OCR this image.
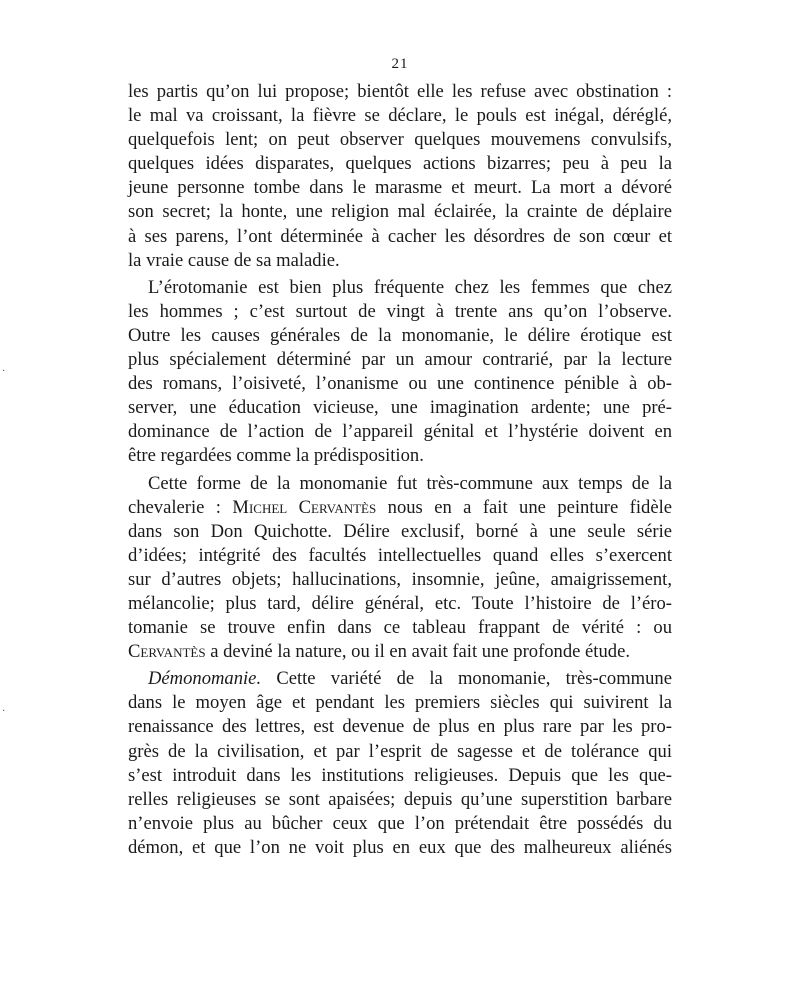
21
les partis qu’on lui propose; bientôt elle les refuse avec obstination :
le mal va croissant, la fièvre se déclare, le pouls est inégal, déréglé,
quelquefois lent; on peut observer quelques mouvemens convulsifs,
quelques idées disparates, quelques actions bizarres; peu à peu la
jeune personne tombe dans le marasme et meurt. La mort a dévoré
son secret; la honte, une religion mal éclairée, la crainte de déplaire
à ses parens, l’ont déterminée à cacher les désordres de son cœur et
la vraie cause de sa maladie.
L’érotomanie est bien plus fréquente chez les femmes que chez
les hommes ; c’est surtout de vingt à trente ans qu’on l’observe.
Outre les causes générales de la monomanie, le délire érotique est
plus spécialement déterminé par un amour contrarié, par la lecture
des romans, l’oisiveté, l’onanisme ou une continence pénible à ob-
server, une éducation vicieuse, une imagination ardente; une pré-
dominance de l’action de l’appareil génital et l’hystérie doivent en
être regardées comme la prédisposition.
Cette forme de la monomanie fut très-commune aux temps de la
chevalerie : Michel Cervantès nous en a fait une peinture fidèle
dans son Don Quichotte. Délire exclusif, borné à une seule série
d’idées; intégrité des facultés intellectuelles quand elles s’exercent
sur d’autres objets; hallucinations, insomnie, jeûne, amaigrissement,
mélancolie; plus tard, délire général, etc. Toute l’histoire de l’éro-
tomanie se trouve enfin dans ce tableau frappant de vérité : ou
Cervantès a deviné la nature, ou il en avait fait une profonde étude.
Démonomanie. Cette variété de la monomanie, très-commune
dans le moyen âge et pendant les premiers siècles qui suivirent la
renaissance des lettres, est devenue de plus en plus rare par les pro-
grès de la civilisation, et par l’esprit de sagesse et de tolérance qui
s’est introduit dans les institutions religieuses. Depuis que les que-
relles religieuses se sont apaisées; depuis qu’une superstition barbare
n’envoie plus au bûcher ceux que l’on prétendait être possédés du
démon, et que l’on ne voit plus en eux que des malheureux aliénés
·
·
